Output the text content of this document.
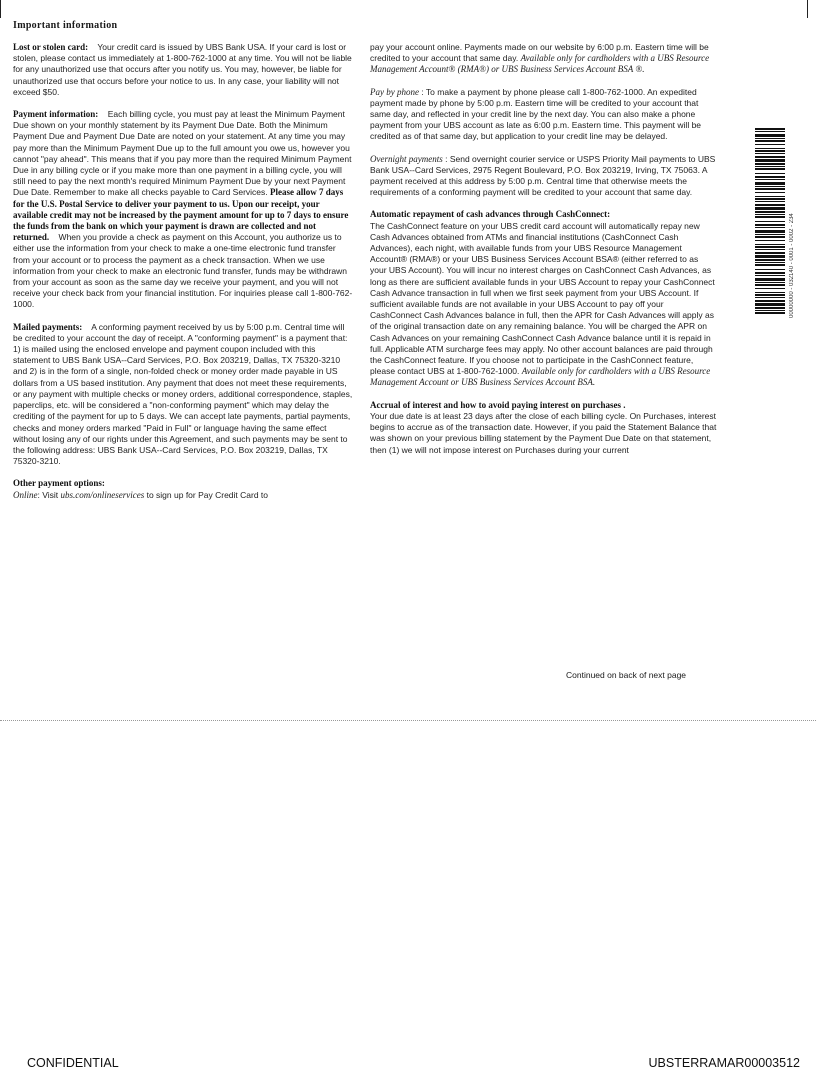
Important information

Lost or stolen card: Your credit card is issued by UBS Bank USA. If your card is lost or stolen, please contact us immediately at 1-800-762-1000 at any time. You will not be liable for any unauthorized use that occurs after you notify us. You may, however, be liable for unauthorized use that occurs before your notice to us. In any case, your liability will not exceed $50.

Payment information: Each billing cycle, you must pay at least the Minimum Payment Due shown on your monthly statement by its Payment Due Date. Both the Minimum Payment Due and Payment Due Date are noted on your statement. At any time you may pay more than the Minimum Payment Due up to the full amount you owe us, however you cannot "pay ahead". This means that if you pay more than the required Minimum Payment Due in any billing cycle or if you make more than one payment in a billing cycle, you will still need to pay the next month's required Minimum Payment Due by your next Payment Due Date. Remember to make all checks payable to Card Services. Please allow 7 days for the U.S. Postal Service to deliver your payment to us. Upon our receipt, your available credit may not be increased by the payment amount for up to 7 days to ensure the funds from the bank on which your payment is drawn are collected and not returned. When you provide a check as payment on this Account, you authorize us to either use the information from your check to make a one-time electronic fund transfer from your account or to process the payment as a check transaction. When we use information from your check to make an electronic fund transfer, funds may be withdrawn from your account as soon as the same day we receive your payment, and you will not receive your check back from your financial institution. For inquiries please call 1-800-762-1000.

Mailed payments: A conforming payment received by us by 5:00 p.m. Central time will be credited to your account the day of receipt. A "conforming payment" is a payment that: 1) is mailed using the enclosed envelope and payment coupon included with this statement to UBS Bank USA--Card Services, P.O. Box 203219, Dallas, TX 75320-3210 and 2) is in the form of a single, non-folded check or money order made payable in US dollars from a US based institution. Any payment that does not meet these requirements, or any payment with multiple checks or money orders, additional correspondence, staples, paperclips, etc. will be considered a "non-conforming payment" which may delay the crediting of the payment for up to 5 days. We can accept late payments, partial payments, checks and money orders marked "Paid in Full" or language having the same effect without losing any of our rights under this Agreement, and such payments may be sent to the following address: UBS Bank USA--Card Services, P.O. Box 203219, Dallas, TX 75320-3210.

Other payment options:
Online: Visit ubs.com/onlineservices to sign up for Pay Credit Card to

pay your account online. Payments made on our website by 6:00 p.m. Eastern time will be credited to your account that same day. Available only for cardholders with a UBS Resource Management Account® (RMA®) or UBS Business Services Account BSA ®.

Pay by phone : To make a payment by phone please call 1-800-762-1000. An expedited payment made by phone by 5:00 p.m. Eastern time will be credited to your account that same day, and reflected in your credit line by the next day. You can also make a phone payment from your UBS account as late as 6:00 p.m. Eastern time. This payment will be credited as of that same day, but application to your credit line may be delayed.

Overnight payments : Send overnight courier service or USPS Priority Mail payments to UBS Bank USA--Card Services, 2975 Regent Boulevard, P.O. Box 203219, Irving, TX 75063. A payment received at this address by 5:00 p.m. Central time that otherwise meets the requirements of a conforming payment will be credited to your account that same day.

Automatic repayment of cash advances through CashConnect:
The CashConnect feature on your UBS credit card account will automatically repay new Cash Advances obtained from ATMs and financial institutions (CashConnect Cash Advances), each night, with available funds from your UBS Resource Management Account® (RMA®) or your UBS Business Services Account BSA® (either referred to as your UBS Account). You will incur no interest charges on CashConnect Cash Advances, as long as there are sufficient available funds in your UBS Account to repay your CashConnect Cash Advance transaction in full when we first seek payment from your UBS Account. If sufficient available funds are not available in your UBS Account to pay off your CashConnect Cash Advances balance in full, then the APR for Cash Advances will apply as of the original transaction date on any remaining balance. You will be charged the APR on Cash Advances on your remaining CashConnect Cash Advance balance until it is repaid in full. Applicable ATM surcharge fees may apply. No other account balances are paid through the CashConnect feature. If you choose not to participate in the CashConnect feature, please contact UBS at 1-800-762-1000. Available only for cardholders with a UBS Resource Management Account or UBS Business Services Account BSA.

Accrual of interest and how to avoid paying interest on purchases .
Your due date is at least 23 days after the close of each billing cycle. On Purchases, interest begins to accrue as of the transaction date. However, if you paid the Statement Balance that was shown on your previous billing statement by the Payment Due Date on that statement, then (1) we will not impose interest on Purchases during your current

Continued on back of next page
00000000 - 032140 - 0001 - 0002 - 234
CONFIDENTIAL	UBSTERRAMAR00003512
